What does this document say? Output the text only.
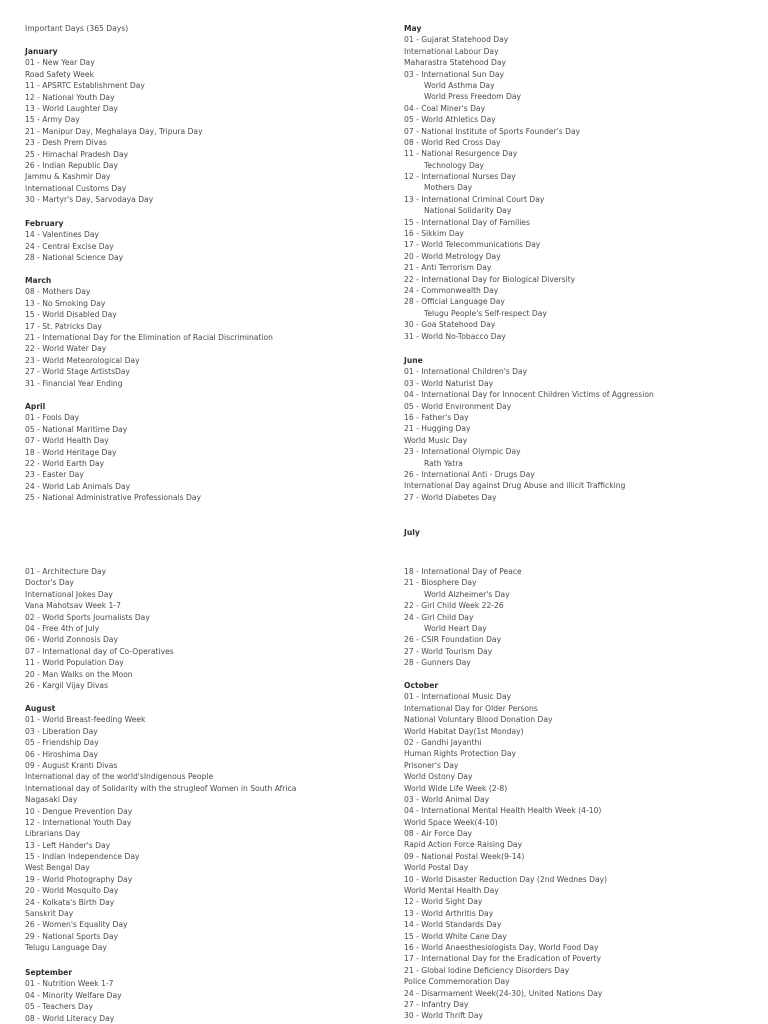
Important Days (365 Days)
January
01 - New Year Day
Road Safety Week
11 - APSRTC Establishment Day
12 - National Youth Day
13 - World Laughter Day
15 - Army Day
21 - Manipur Day, Meghalaya Day, Tripura Day
23 - Desh Prem Divas
25 - Himachal Pradesh Day
26 - Indian Republic Day
Jammu & Kashmir Day
International Customs Day
30 - Martyr's Day, Sarvodaya Day
February
14 - Valentines Day
24 - Central Excise Day
28 - National Science Day
March
08 - Mothers Day
13 - No Smoking Day
15 - World Disabled Day
17 - St. Patricks Day
21 - International Day for the Elimination of Racial Discrimination
22 - World Water Day
23 - World Meteorological Day
27 - World Stage ArtistsDay
31 - Financial Year Ending
April
01 - Fools Day
05 - National Maritime Day
07 - World Health Day
18 - World Heritage Day
22 - World Earth Day
23 - Easter Day
24 - World Lab Animals Day
25 - National Administrative Professionals Day
May
01 - Gujarat Statehood Day
International Labour Day
Maharastra Statehood Day
03 - International Sun Day
World Asthma Day
World Press Freedom Day
04 - Coal Miner's Day
05 - World Athletics Day
07 - National Institute of Sports Founder's Day
08 - World Red Cross Day
11 - National Resurgence Day
Technology Day
12 - International Nurses Day
Mothers Day
13 - International Criminal Court Day
National Solidarity Day
15 - International Day of Families
16 - Sikkim Day
17 - World Telecommunications Day
20 - World Metrology Day
21 - Anti Terrorism Day
22 - International Day for Biological Diversity
24 - Commonwealth Day
28 - Official Language Day
Telugu People's Self-respect Day
30 - Goa Statehood Day
31 - World No-Tobacco Day
June
01 - International Children's Day
03 - World Naturist Day
04 - International Day for Innocent Children Victims of Aggression
05 - World Environment Day
16 - Father's Day
21 - Hugging Day
World Music Day
23 - International Olympic Day
Rath Yatra
26 - International Anti - Drugs Day
International Day against Drug Abuse and illicit Trafficking
27 - World Diabetes Day
July
01 - Architecture Day
Doctor's Day
International Jokes Day
Vana Mahotsav Week 1-7
02 - World Sports Journalists Day
04 - Free 4th of July
06 - World Zonnosis Day
07 - International day of Co-Operatives
11 - World Population Day
20 - Man Walks on the Moon
26 - Kargil Vijay Divas
August
01 - World Breast-feeding Week
03 - Liberation Day
05 - Friendship Day
06 - Hiroshima Day
09 - August Kranti Divas
International day of the world'sIndigenous People
International day of Solidarity with the strugleof Women in South Africa
Nagasaki Day
10 - Dengue Prevention Day
12 - International Youth Day
Librarians Day
13 - Left Hander's Day
15 - Indian Independence Day
West Bengal Day
19 - World Photography Day
20 - World Mosquito Day
24 - Kolkata's Birth Day
Sanskrit Day
26 - Women's Equality Day
29 - National Sports Day
Telugu Language Day
September
01 - Nutrition Week 1-7
04 - Minority Welfare Day
05 - Teachers Day
08 - World Literacy Day
18 - International Day of Peace
21 - Biosphere Day
World Alzheimer's Day
22 - Girl Child Week 22-26
24 - Girl Child Day
World Heart Day
26 - CSIR Foundation Day
27 - World Tourism Day
28 - Gunners Day
October
01 - International Music Day
International Day for Older Persons
National Voluntary Blood Donation Day
World Habitat Day(1st Monday)
02 - Gandhi Jayanthi
Human Rights Protection Day
Prisoner's Day
World Ostony Day
World Wide Life Week (2-8)
03 - World Animal Day
04 - International Mental Health Health Week (4-10)
World Space Week(4-10)
08 - Air Force Day
Rapid Action Force Raising Day
09 - National Postal Week(9-14)
World Postal Day
10 - World Disaster Reduction Day (2nd Wednes Day)
World Mental Health Day
12 - World Sight Day
13 - World Arthritis Day
14 - World Standards Day
15 - World White Cane Day
16 - World Anaesthesiologists Day, World Food Day
17 - International Day for the Eradication of Poverty
21 - Global Iodine Deficiency Disorders Day
Police Commemoration Day
24 - Disarmament Week(24-30), United Nations Day
27 - Infantry Day
30 - World Thrift Day
